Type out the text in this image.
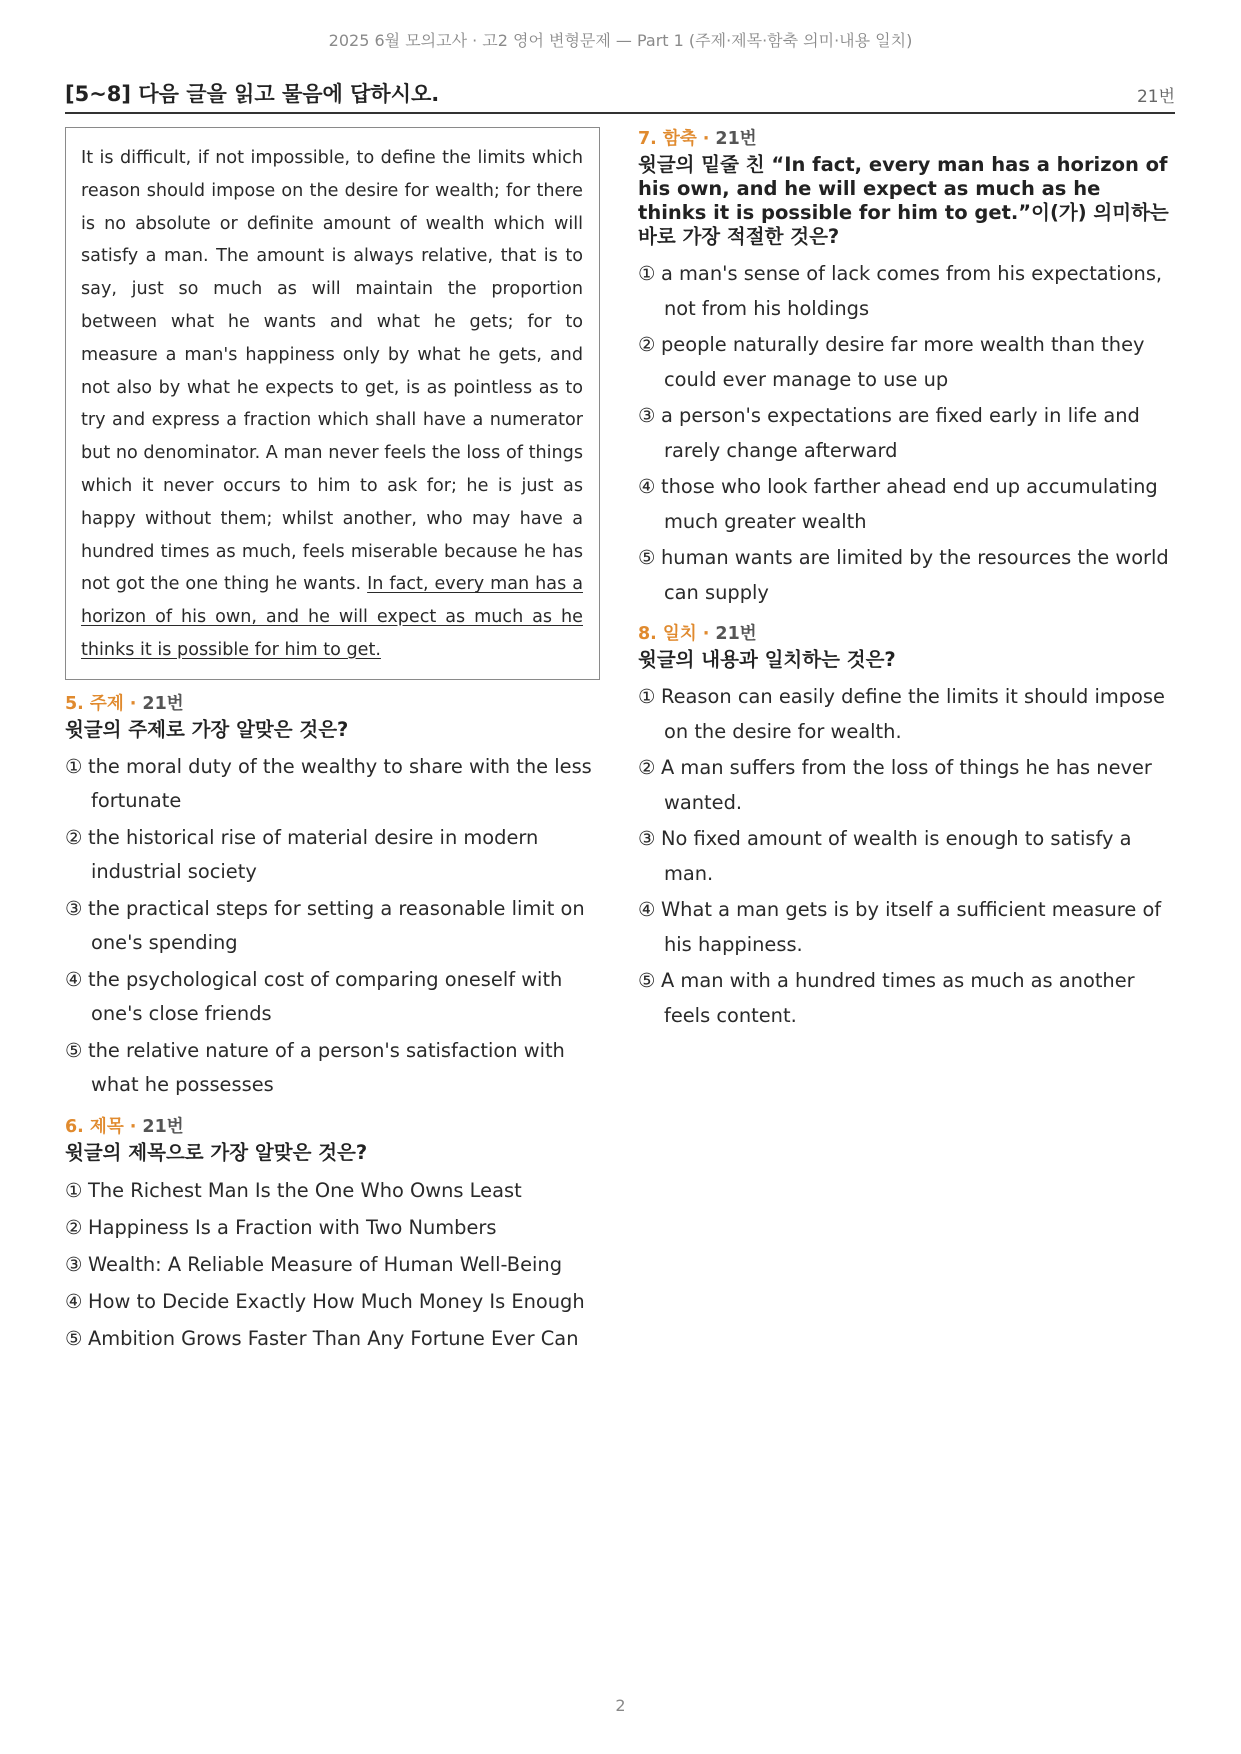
2025 6월 모의고사 · 고2 영어 변형문제 — Part 1 (주제·제목·함축 의미·내용 일치)
[5~8] 다음 글을 읽고 물음에 답하시오.	21번
It is difficult, if not impossible, to define the limits which reason should impose on the desire for wealth; for there is no absolute or definite amount of wealth which will satisfy a man. The amount is always relative, that is to say, just so much as will maintain the proportion between what he wants and what he gets; for to measure a man's happiness only by what he gets, and not also by what he expects to get, is as pointless as to try and express a fraction which shall have a numerator but no denominator. A man never feels the loss of things which it never occurs to him to ask for; he is just as happy without them; whilst another, who may have a hundred times as much, feels miserable because he has not got the one thing he wants. In fact, every man has a horizon of his own, and he will expect as much as he thinks it is possible for him to get.
5. 주제 · 21번
윗글의 주제로 가장 알맞은 것은?
① the moral duty of the wealthy to share with the less fortunate
② the historical rise of material desire in modern industrial society
③ the practical steps for setting a reasonable limit on one's spending
④ the psychological cost of comparing oneself with one's close friends
⑤ the relative nature of a person's satisfaction with what he possesses
6. 제목 · 21번
윗글의 제목으로 가장 알맞은 것은?
① The Richest Man Is the One Who Owns Least
② Happiness Is a Fraction with Two Numbers
③ Wealth: A Reliable Measure of Human Well-Being
④ How to Decide Exactly How Much Money Is Enough
⑤ Ambition Grows Faster Than Any Fortune Ever Can
7. 함축 · 21번
윗글의 밑줄 친 “In fact, every man has a horizon of his own, and he will expect as much as he thinks it is possible for him to get.”이(가) 의미하는 바로 가장 적절한 것은?
① a man's sense of lack comes from his expectations, not from his holdings
② people naturally desire far more wealth than they could ever manage to use up
③ a person's expectations are fixed early in life and rarely change afterward
④ those who look farther ahead end up accumulating much greater wealth
⑤ human wants are limited by the resources the world can supply
8. 일치 · 21번
윗글의 내용과 일치하는 것은?
① Reason can easily define the limits it should impose on the desire for wealth.
② A man suffers from the loss of things he has never wanted.
③ No fixed amount of wealth is enough to satisfy a man.
④ What a man gets is by itself a sufficient measure of his happiness.
⑤ A man with a hundred times as much as another feels content.
2
